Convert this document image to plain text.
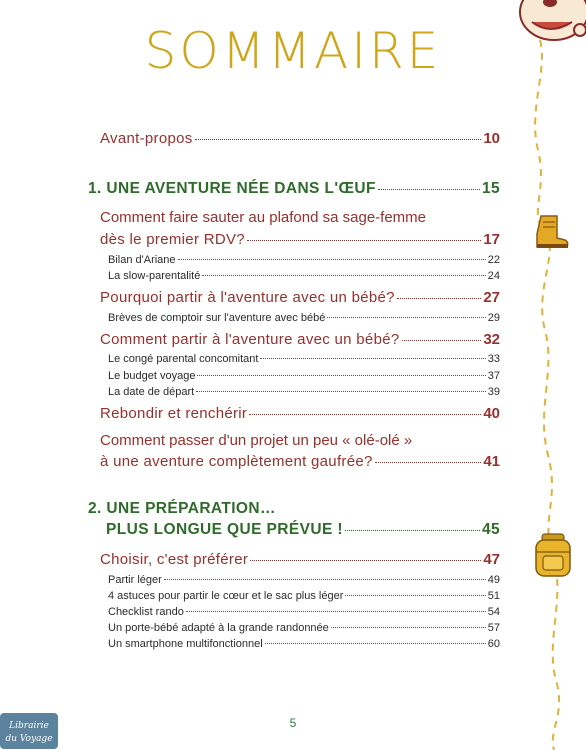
SOMMAIRE
Avant-propos	10
1. UNE AVENTURE NÉE DANS L'ŒUF	15
Comment faire sauter au plafond sa sage-femme
dès le premier RDV?	17
Bilan d'Ariane	22
La slow-parentalité	24
Pourquoi partir à l'aventure avec un bébé?	27
Brèves de comptoir sur l'aventure avec bébé	29
Comment partir à l'aventure avec un bébé?	32
Le congé parental concomitant	33
Le budget voyage	37
La date de départ	39
Rebondir et renchérir	40
Comment passer d'un projet un peu « olé-olé »
à une aventure complètement gaufrée?	41
2. UNE PRÉPARATION…
PLUS LONGUE QUE PRÉVUE !	45
Choisir, c'est préférer	47
Partir léger	49
4 astuces pour partir le cœur et le sac plus léger	51
Checklist rando	54
Un porte-bébé adapté à la grande randonnée	57
Un smartphone multifonctionnel	60
5
Librairie
du Voyage
